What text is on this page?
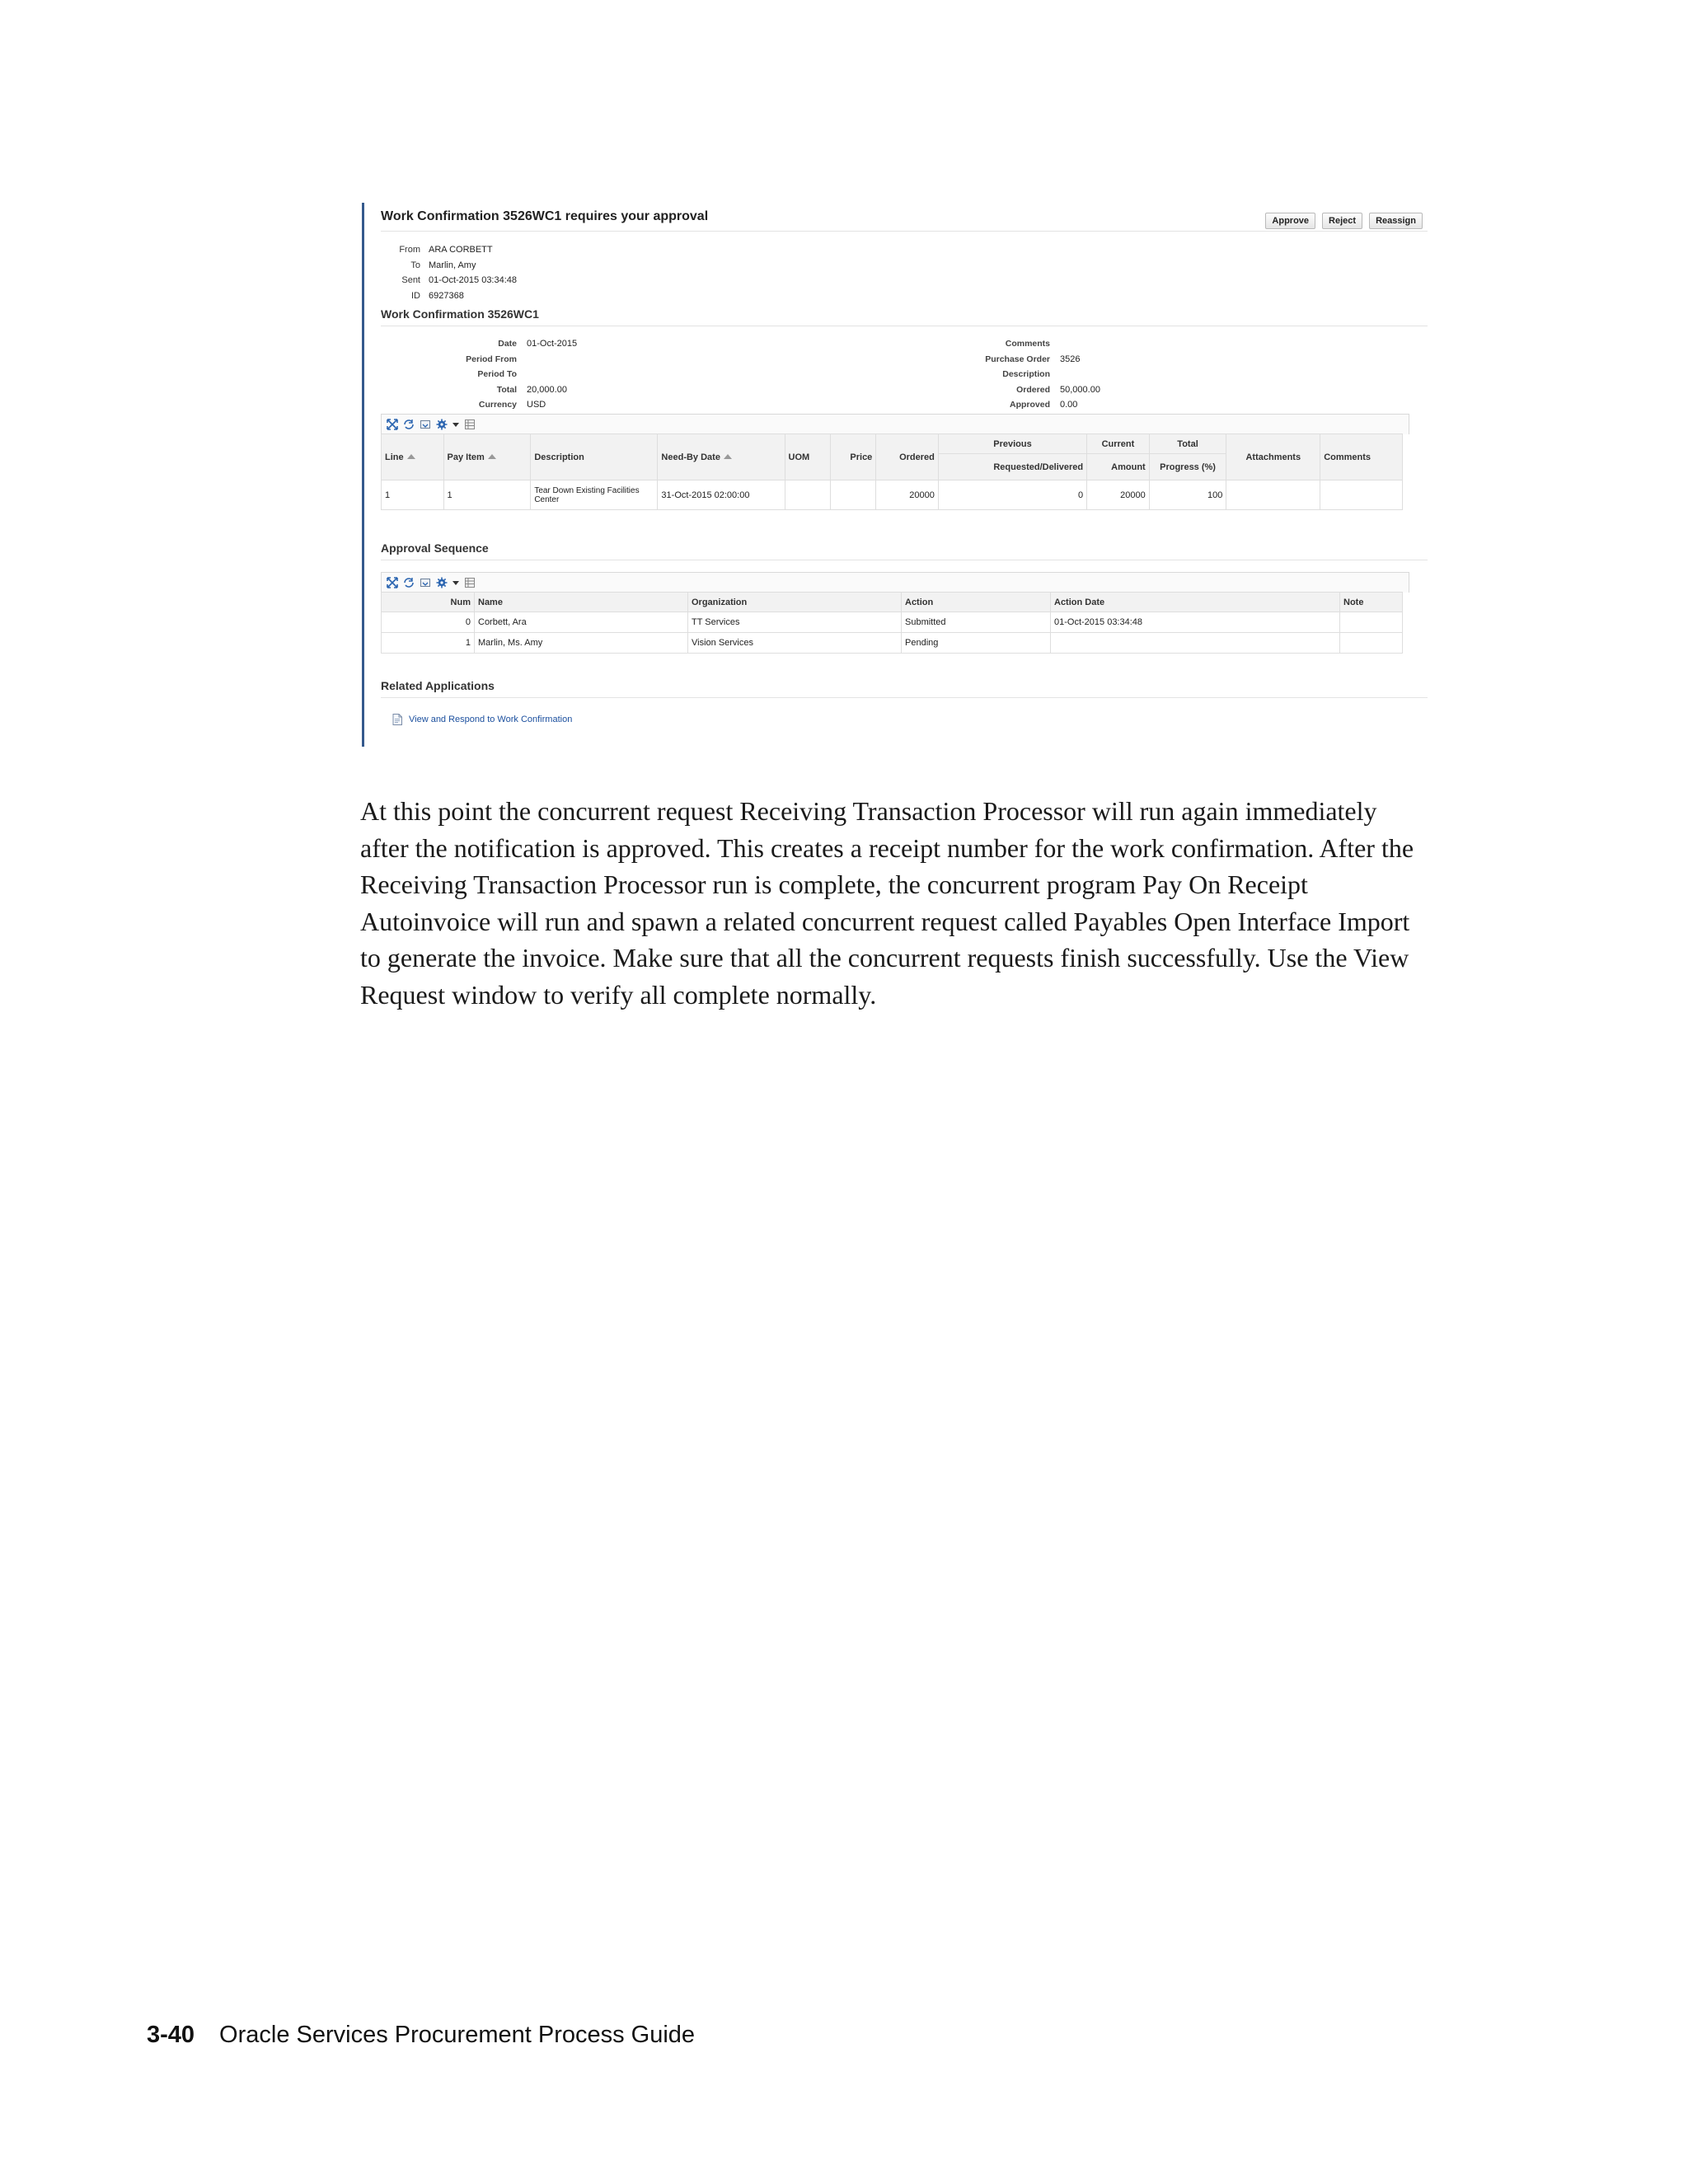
Work Confirmation 3526WC1 requires your approval	Approve	Reject	Reassign
From ARA CORBETT
To Marlin, Amy
Sent 01-Oct-2015 03:34:48
ID 6927368
Work Confirmation 3526WC1
Date	01-Oct-2015
Period From
Period To
Total	20,000.00
Currency	USD
Comments
Purchase Order	3526
Description
Ordered	50,000.00
Approved	0.00
Line	Pay Item	Description	Need-By Date	UOM	Price	Ordered	Previous	Current	Total	Attachments	Comments
							Requested/Delivered	Amount	Progress (%)		
1	1	Tear Down Existing Facilities Center	31-Oct-2015 02:00:00			20000	0	20000	100		
Approval Sequence
Num	Name	Organization	Action	Action Date	Note
0	Corbett, Ara	TT Services	Submitted	01-Oct-2015 03:34:48	
1	Marlin, Ms. Amy	Vision Services	Pending		
Related Applications
View and Respond to Work Confirmation

At this point the concurrent request Receiving Transaction Processor will run again immediately after the notification is approved. This creates a receipt number for the work confirmation. After the Receiving Transaction Processor run is complete, the concurrent program Pay On Receipt Autoinvoice will run and spawn a related concurrent request called Payables Open Interface Import to generate the invoice. Make sure that all the concurrent requests finish successfully. Use the View Request window to verify all complete normally.

3-40 Oracle Services Procurement Process Guide
